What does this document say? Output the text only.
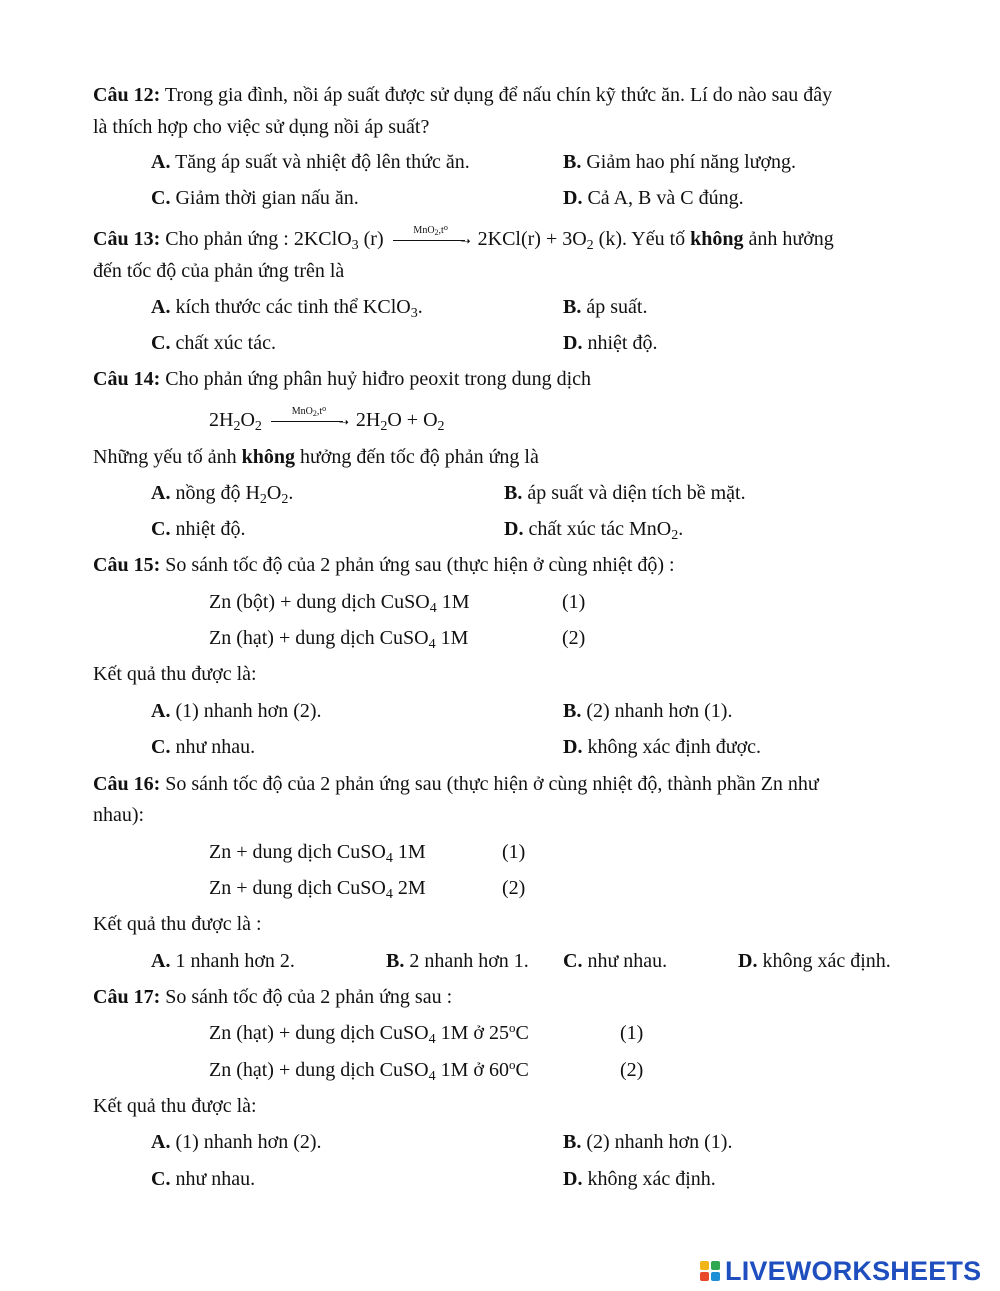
Câu 12: Trong gia đình, nồi áp suất được sử dụng để nấu chín kỹ thức ăn. Lí do nào sau đây
là thích hợp cho việc sử dụng nồi áp suất?
A. Tăng áp suất và nhiệt độ lên thức ăn.	B. Giảm hao phí năng lượng.
C. Giảm thời gian nấu ăn.	D. Cả A, B và C đúng.
Câu 13: Cho phản ứng : 2KClO$_3$ (r)	$MnO_2,t^o$
➝ $2KCl(r) + 3O_2$ (k). Yếu tố không ảnh hưởng
đến tốc độ của phản ứng trên là
A. kích thước các tinh thể KClO$_3$.	B. áp suất.
C. chất xúc tác.	D. nhiệt độ.
Câu 14: Cho phản ứng phân huỷ hiđro peoxit trong dung dịch
$2H_2O_2$
$MnO_2,t^o$
➝ $2H_2O + O_2$
Những yếu tố ảnh không hưởng đến tốc độ phản ứng là
A. nồng độ $H_2O_2$.	B. áp suất và diện tích bề mặt.
C. nhiệt độ.	D. chất xúc tác MnO$_2$.
Câu 15: So sánh tốc độ của 2 phản ứng sau (thực hiện ở cùng nhiệt độ) :
Zn (bột) + dung dịch CuSO$_4$ 1M	(1)
Zn (hạt) + dung dịch CuSO$_4$ 1M	(2)
Kết quả thu được là:
A. (1) nhanh hơn (2).	B. (2) nhanh hơn (1).
C. như nhau.	D. không xác định được.
Câu 16: So sánh tốc độ của 2 phản ứng sau (thực hiện ở cùng nhiệt độ, thành phần Zn như
nhau):
Zn + dung dịch CuSO$_4$ 1M	(1)
Zn + dung dịch CuSO$_4$ 2M	(2)
Kết quả thu được là :
A. 1 nhanh hơn 2.	B. 2 nhanh hơn 1. C. như nhau.	D. không xác định.
Câu 17: So sánh tốc độ của 2 phản ứng sau :
Zn (hạt) + dung dịch CuSO$_4$ 1M ở 25$^o$C	(1)
Zn (hạt) + dung dịch CuSO$_4$ 1M ở 60$^o$C	(2)
Kết quả thu được là:
A. (1) nhanh hơn (2).	B. (2) nhanh hơn (1).
C. như nhau.	D. không xác định.
LIVEWORKSHEETS
